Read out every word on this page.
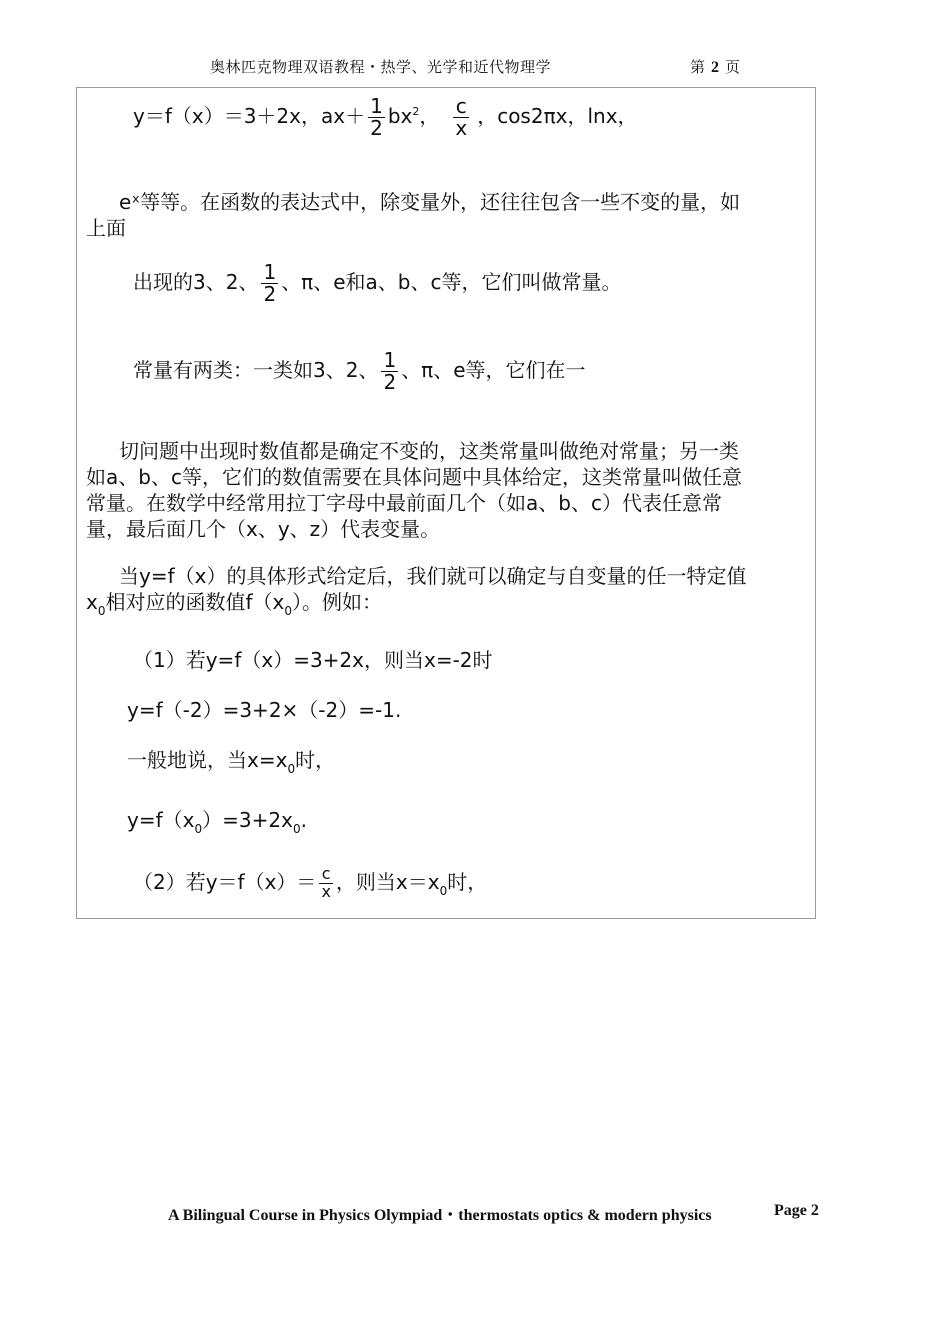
奥林匹克物理双语教程・热学、光学和近代物理学	第 2 页
y＝f（x）＝3＋2x，$ax+ \frac{1}{2} bx^2$， $\frac{c}{x}$ ，cos2πx，lnx，
eˣ等等。在函数的表达式中，除变量外，还往往包含一些不变的量，如
上面
出现的3、2、 $\frac{1}{2}$ 、π、e和a、b、c等，它们叫做常量。
常量有两类：一类如3、2、 $\frac{1}{2}$ 、π、e等，它们在一
切问题中出现时数值都是确定不变的，这类常量叫做绝对常量；另一类
如a、b、c等，它们的数值需要在具体问题中具体给定，这类常量叫做任意
常量。在数学中经常用拉丁字母中最前面几个（如a、b、c）代表任意常
量，最后面几个（x、y、z）代表变量。
当y=f（x）的具体形式给定后，我们就可以确定与自变量的任一特定值
$x_0$相对应的函数值$f(x_0)$。例如：
（1）若y=f（x）=3+2x，则当x=-2时
y=f（-2）=3+2×（-2）=-1.
一般地说，当$x=x_0$时，
$y=f(x_0)=3+2x_0$.
（2）若$y=f(x)= \frac{c}{x}$ ，则当$x=x_0$时，
A Bilingual Course in Physics Olympiad・thermostats optics & modern physics	Page 2
